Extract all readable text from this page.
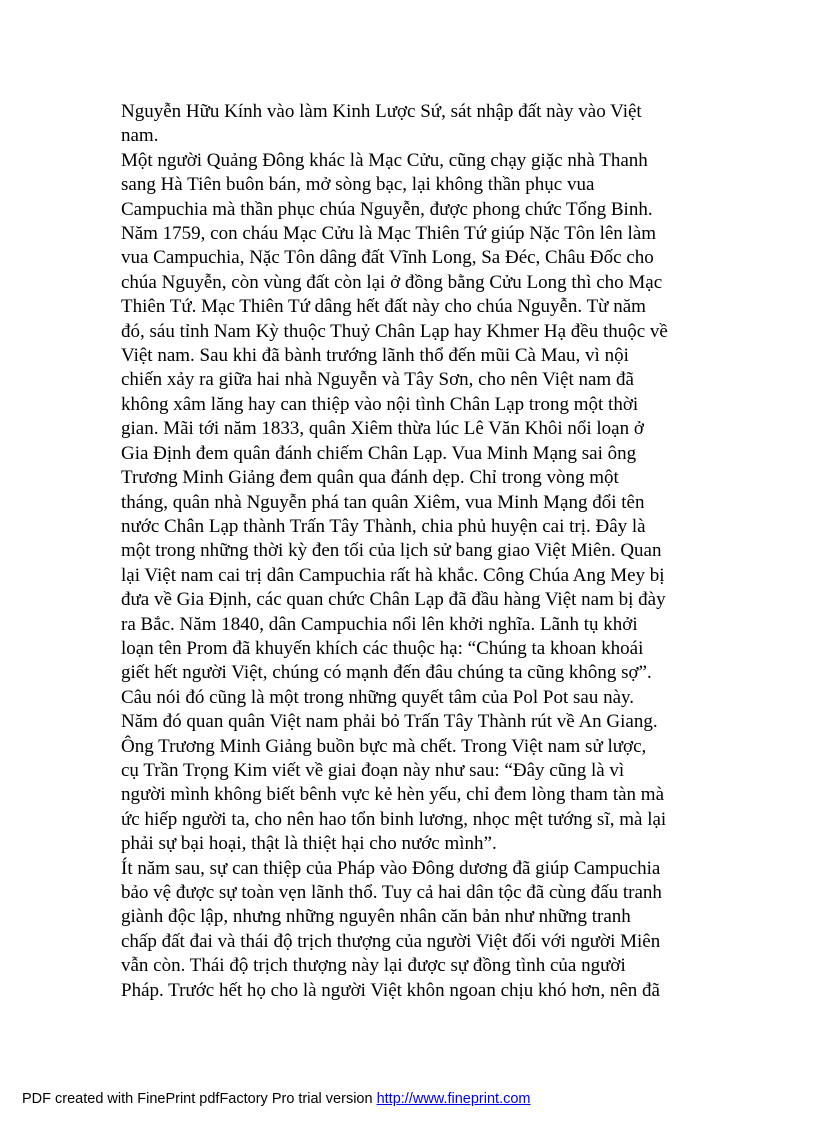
Nguyễn Hữu Kính vào làm Kinh Lược Sứ, sát nhập đất này vào Việt
nam.
Một người Quảng Đông khác là Mạc Cửu, cũng chạy giặc nhà Thanh
sang Hà Tiên buôn bán, mở sòng bạc, lại không thần phục vua
Campuchia mà thần phục chúa Nguyễn, được phong chức Tổng Binh.
Năm 1759, con cháu Mạc Cửu là Mạc Thiên Tứ giúp Nặc Tôn lên làm
vua Campuchia, Nặc Tôn dâng đất Vĩnh Long, Sa Đéc, Châu Đốc cho
chúa Nguyễn, còn vùng đất còn lại ở đồng bằng Cửu Long thì cho Mạc
Thiên Tứ. Mạc Thiên Tứ dâng hết đất này cho chúa Nguyễn. Từ năm
đó, sáu tỉnh Nam Kỳ thuộc Thuỷ Chân Lạp hay Khmer Hạ đều thuộc về
Việt nam. Sau khi đã bành trướng lãnh thổ đến mũi Cà Mau, vì nội
chiến xảy ra giữa hai nhà Nguyễn và Tây Sơn, cho nên Việt nam đã
không xâm lăng hay can thiệp vào nội tình Chân Lạp trong một thời
gian. Mãi tới năm 1833, quân Xiêm thừa lúc Lê Văn Khôi nổi loạn ở
Gia Định đem quân đánh chiếm Chân Lạp. Vua Minh Mạng sai ông
Trương Minh Giảng đem quân qua đánh dẹp. Chỉ trong vòng một
tháng, quân nhà Nguyễn phá tan quân Xiêm, vua Minh Mạng đổi tên
nước Chân Lạp thành Trấn Tây Thành, chia phủ huyện cai trị. Đây là
một trong những thời kỳ đen tối của lịch sử bang giao Việt Miên. Quan
lại Việt nam cai trị dân Campuchia rất hà khắc. Công Chúa Ang Mey bị
đưa về Gia Định, các quan chức Chân Lạp đã đầu hàng Việt nam bị đày
ra Bắc. Năm 1840, dân Campuchia nổi lên khởi nghĩa. Lãnh tụ khởi
loạn tên Prom đã khuyến khích các thuộc hạ: “Chúng ta khoan khoái
giết hết người Việt, chúng có mạnh đến đâu chúng ta cũng không sợ”.
Câu nói đó cũng là một trong những quyết tâm của Pol Pot sau này.
Năm đó quan quân Việt nam phải bỏ Trấn Tây Thành rút về An Giang.
Ông Trương Minh Giảng buồn bực mà chết. Trong Việt nam sử lược,
cụ Trần Trọng Kim viết về giai đoạn này như sau: “Đây cũng là vì
người mình không biết bênh vực kẻ hèn yếu, chỉ đem lòng tham tàn mà
ức hiếp người ta, cho nên hao tổn binh lương, nhọc mệt tướng sĩ, mà lại
phải sự bại hoại, thật là thiệt hại cho nước mình”.
Ít năm sau, sự can thiệp của Pháp vào Đông dương đã giúp Campuchia
bảo vệ được sự toàn vẹn lãnh thổ. Tuy cả hai dân tộc đã cùng đấu tranh
giành độc lập, nhưng những nguyên nhân căn bản như những tranh
chấp đất đai và thái độ trịch thượng của người Việt đối với người Miên
vẫn còn. Thái độ trịch thượng này lại được sự đồng tình của người
Pháp. Trước hết họ cho là người Việt khôn ngoan chịu khó hơn, nên đã
PDF created with FinePrint pdfFactory Pro trial version http://www.fineprint.com
